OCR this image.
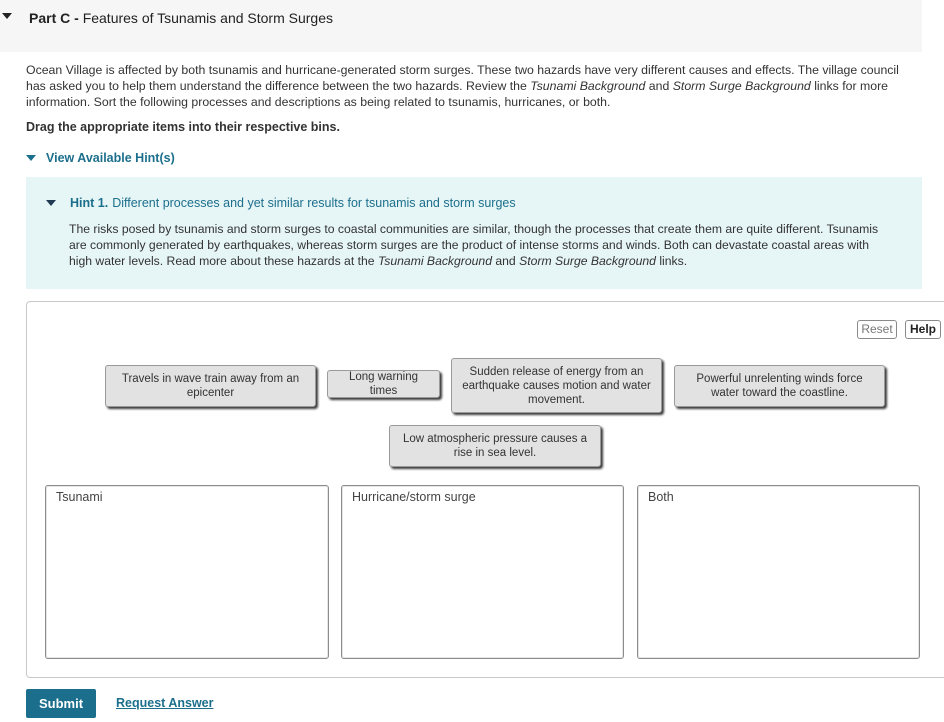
Part C - Features of Tsunamis and Storm Surges
Ocean Village is affected by both tsunamis and hurricane-generated storm surges. These two hazards have very different causes and effects. The village council has asked you to help them understand the difference between the two hazards. Review the Tsunami Background and Storm Surge Background links for more information. Sort the following processes and descriptions as being related to tsunamis, hurricanes, or both.
Drag the appropriate items into their respective bins.
View Available Hint(s)
Hint 1. Different processes and yet similar results for tsunamis and storm surges
The risks posed by tsunamis and storm surges to coastal communities are similar, though the processes that create them are quite different. Tsunamis are commonly generated by earthquakes, whereas storm surges are the product of intense storms and winds. Both can devastate coastal areas with high water levels. Read more about these hazards at the Tsunami Background and Storm Surge Background links.
Reset	Help
Travels in wave train away from an epicenter
Long warning times
Sudden release of energy from an earthquake causes motion and water movement.
Powerful unrelenting winds force water toward the coastline.
Low atmospheric pressure causes a rise in sea level.
Tsunami	Hurricane/storm surge	Both
Submit	Request Answer
